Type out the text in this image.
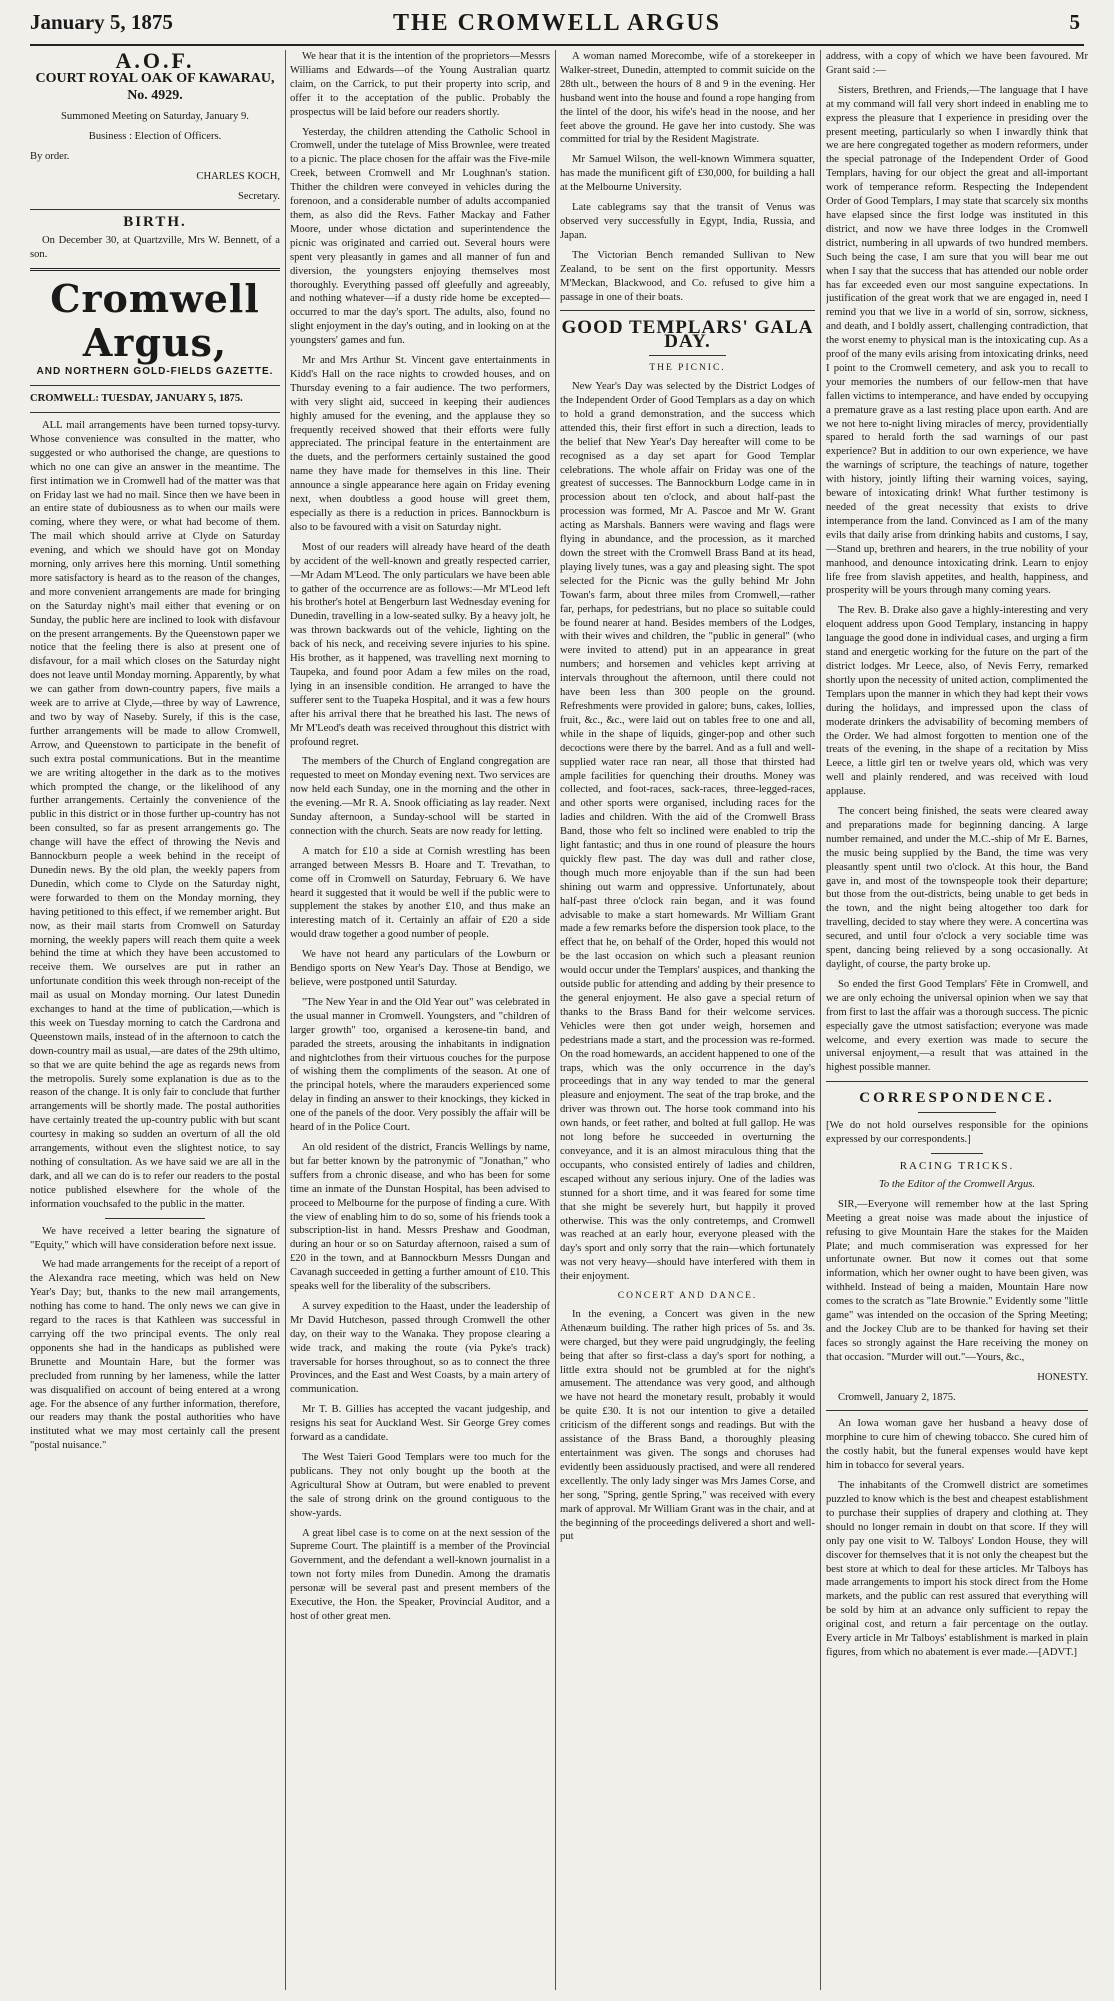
January 5, 1875	THE CROMWELL ARGUS	5
A.O.F.
COURT ROYAL OAK OF KAWARAU, No. 4929.

Summoned Meeting on Saturday, January 9.

Business : Election of Officers.

By order.

CHARLES KOCH,

Secretary.

BIRTH.

On December 30, at Quartzville, Mrs W. Bennett, of a son.

Cromwell Argus,
AND NORTHERN GOLD-FIELDS GAZETTE.

CROMWELL: TUESDAY, JANUARY 5, 1875.

ALL mail arrangements have been turned topsy-turvy. Whose convenience was consulted in the matter, who suggested or who authorised the change, are questions to which no one can give an answer in the meantime. The first intimation we in Cromwell had of the matter was that on Friday last we had no mail. Since then we have been in an entire state of dubiousness as to when our mails were coming, where they were, or what had become of them. The mail which should arrive at Clyde on Saturday evening, and which we should have got on Monday morning, only arrives here this morning. Until something more satisfactory is heard as to the reason of the changes, and more convenient arrangements are made for bringing on the Saturday night's mail either that evening or on Sunday, the public here are inclined to look with disfavour on the present arrangements. By the Queenstown paper we notice that the feeling there is also at present one of disfavour, for a mail which closes on the Saturday night does not leave until Monday morning. Apparently, by what we can gather from down-country papers, five mails a week are to arrive at Clyde,—three by way of Lawrence, and two by way of Naseby. Surely, if this is the case, further arrangements will be made to allow Cromwell, Arrow, and Queenstown to participate in the benefit of such extra postal communications. But in the meantime we are writing altogether in the dark as to the motives which prompted the change, or the likelihood of any further arrangements. Certainly the convenience of the public in this district or in those further up-country has not been consulted, so far as present arrangements go. The change will have the effect of throwing the Nevis and Bannockburn people a week behind in the receipt of Dunedin news. By the old plan, the weekly papers from Dunedin, which come to Clyde on the Saturday night, were forwarded to them on the Monday morning, they having petitioned to this effect, if we remember aright. But now, as their mail starts from Cromwell on Saturday morning, the weekly papers will reach them quite a week behind the time at which they have been accustomed to receive them. We ourselves are put in rather an unfortunate condition this week through non-receipt of the mail as usual on Monday morning. Our latest Dunedin exchanges to hand at the time of publication,—which is this week on Tuesday morning to catch the Cardrona and Queenstown mails, instead of in the afternoon to catch the down-country mail as usual,—are dates of the 29th ultimo, so that we are quite behind the age as regards news from the metropolis. Surely some explanation is due as to the reason of the change. It is only fair to conclude that further arrangements will be shortly made. The postal authorities have certainly treated the up-country public with but scant courtesy in making so sudden an overturn of all the old arrangements, without even the slightest notice, to say nothing of consultation. As we have said we are all in the dark, and all we can do is to refer our readers to the postal notice published elsewhere for the whole of the information vouchsafed to the public in the matter.

We have received a letter bearing the signature of "Equity," which will have consideration before next issue.

We had made arrangements for the receipt of a report of the Alexandra race meeting, which was held on New Year's Day; but, thanks to the new mail arrangements, nothing has come to hand. The only news we can give in regard to the races is that Kathleen was successful in carrying off the two principal events. The only real opponents she had in the handicaps as published were Brunette and Mountain Hare, but the former was precluded from running by her lameness, while the latter was disqualified on account of being entered at a wrong age. For the absence of any further information, therefore, our readers may thank the postal authorities who have instituted what we may most certainly call the present "postal nuisance."

We hear that it is the intention of the proprietors—Messrs Williams and Edwards—of the Young Australian quartz claim, on the Carrick, to put their property into scrip, and offer it to the acceptation of the public. Probably the prospectus will be laid before our readers shortly.

Yesterday, the children attending the Catholic School in Cromwell, under the tutelage of Miss Brownlee, were treated to a picnic. The place chosen for the affair was the Five-mile Creek, between Cromwell and Mr Loughnan's station. Thither the children were conveyed in vehicles during the forenoon, and a considerable number of adults accompanied them, as also did the Revs. Father Mackay and Father Moore, under whose dictation and superintendence the picnic was originated and carried out. Several hours were spent very pleasantly in games and all manner of fun and diversion, the youngsters enjoying themselves most thoroughly. Everything passed off gleefully and agreeably, and nothing whatever—if a dusty ride home be excepted—occurred to mar the day's sport. The adults, also, found no slight enjoyment in the day's outing, and in looking on at the youngsters' games and fun.

Mr and Mrs Arthur St. Vincent gave entertainments in Kidd's Hall on the race nights to crowded houses, and on Thursday evening to a fair audience. The two performers, with very slight aid, succeed in keeping their audiences highly amused for the evening, and the applause they so frequently received showed that their efforts were fully appreciated. The principal feature in the entertainment are the duets, and the performers certainly sustained the good name they have made for themselves in this line. Their announce a single appearance here again on Friday evening next, when doubtless a good house will greet them, especially as there is a reduction in prices. Bannockburn is also to be favoured with a visit on Saturday night.

Most of our readers will already have heard of the death by accident of the well-known and greatly respected carrier,—Mr Adam M'Leod. The only particulars we have been able to gather of the occurrence are as follows:—Mr M'Leod left his brother's hotel at Bengerburn last Wednesday evening for Dunedin, travelling in a low-seated sulky. By a heavy jolt, he was thrown backwards out of the vehicle, lighting on the back of his neck, and receiving severe injuries to his spine. His brother, as it happened, was travelling next morning to Taupeka, and found poor Adam a few miles on the road, lying in an insensible condition. He arranged to have the sufferer sent to the Tuapeka Hospital, and it was a few hours after his arrival there that he breathed his last. The news of Mr M'Leod's death was received throughout this district with profound regret.

The members of the Church of England congregation are requested to meet on Monday evening next. Two services are now held each Sunday, one in the morning and the other in the evening.—Mr R. A. Snook officiating as lay reader. Next Sunday afternoon, a Sunday-school will be started in connection with the church. Seats are now ready for letting.

A match for £10 a side at Cornish wrestling has been arranged between Messrs B. Hoare and T. Trevathan, to come off in Cromwell on Saturday, February 6. We have heard it suggested that it would be well if the public were to supplement the stakes by another £10, and thus make an interesting match of it. Certainly an affair of £20 a side would draw together a good number of people.

We have not heard any particulars of the Lowburn or Bendigo sports on New Year's Day. Those at Bendigo, we believe, were postponed until Saturday.

"The New Year in and the Old Year out" was celebrated in the usual manner in Cromwell. Youngsters, and "children of larger growth" too, organised a kerosene-tin band, and paraded the streets, arousing the inhabitants in indignation and nightclothes from their virtuous couches for the purpose of wishing them the compliments of the season. At one of the principal hotels, where the marauders experienced some delay in finding an answer to their knockings, they kicked in one of the panels of the door. Very possibly the affair will be heard of in the Police Court.

An old resident of the district, Francis Wellings by name, but far better known by the patronymic of "Jonathan," who suffers from a chronic disease, and who has been for some time an inmate of the Dunstan Hospital, has been advised to proceed to Melbourne for the purpose of finding a cure. With the view of enabling him to do so, some of his friends took a subscription-list in hand. Messrs Preshaw and Goodman, during an hour or so on Saturday afternoon, raised a sum of £20 in the town, and at Bannockburn Messrs Dungan and Cavanagh succeeded in getting a further amount of £10. This speaks well for the liberality of the subscribers.

A survey expedition to the Haast, under the leadership of Mr David Hutcheson, passed through Cromwell the other day, on their way to the Wanaka. They propose clearing a wide track, and making the route (via Pyke's track) traversable for horses throughout, so as to connect the three Provinces, and the East and West Coasts, by a main artery of communication.

Mr T. B. Gillies has accepted the vacant judgeship, and resigns his seat for Auckland West. Sir George Grey comes forward as a candidate.

The West Taieri Good Templars were too much for the publicans. They not only bought up the booth at the Agricultural Show at Outram, but were enabled to prevent the sale of strong drink on the ground contiguous to the show-yards.

A great libel case is to come on at the next session of the Supreme Court. The plaintiff is a member of the Provincial Government, and the defendant a well-known journalist in a town not forty miles from Dunedin. Among the dramatis personæ will be several past and present members of the Executive, the Hon. the Speaker, Provincial Auditor, and a host of other great men.

A woman named Morecombe, wife of a storekeeper in Walker-street, Dunedin, attempted to commit suicide on the 28th ult., between the hours of 8 and 9 in the evening. Her husband went into the house and found a rope hanging from the lintel of the door, his wife's head in the noose, and her feet above the ground. He gave her into custody. She was committed for trial by the Resident Magistrate.

Mr Samuel Wilson, the well-known Wimmera squatter, has made the munificent gift of £30,000, for building a hall at the Melbourne University.

Late cablegrams say that the transit of Venus was observed very successfully in Egypt, India, Russia, and Japan.

The Victorian Bench remanded Sullivan to New Zealand, to be sent on the first opportunity. Messrs M'Meckan, Blackwood, and Co. refused to give him a passage in one of their boats.

GOOD TEMPLARS' GALA DAY.

THE PICNIC.

New Year's Day was selected by the District Lodges of the Independent Order of Good Templars as a day on which to hold a grand demonstration, and the success which attended this, their first effort in such a direction, leads to the belief that New Year's Day hereafter will come to be recognised as a day set apart for Good Templar celebrations. The whole affair on Friday was one of the greatest of successes. The Bannockburn Lodge came in in procession about ten o'clock, and about half-past the procession was formed, Mr A. Pascoe and Mr W. Grant acting as Marshals. Banners were waving and flags were flying in abundance, and the procession, as it marched down the street with the Cromwell Brass Band at its head, playing lively tunes, was a gay and pleasing sight. The spot selected for the Picnic was the gully behind Mr John Towan's farm, about three miles from Cromwell,—rather far, perhaps, for pedestrians, but no place so suitable could be found nearer at hand. Besides members of the Lodges, with their wives and children, the "public in general" (who were invited to attend) put in an appearance in great numbers; and horsemen and vehicles kept arriving at intervals throughout the afternoon, until there could not have been less than 300 people on the ground. Refreshments were provided in galore; buns, cakes, lollies, fruit, &c., &c., were laid out on tables free to one and all, while in the shape of liquids, ginger-pop and other such decoctions were there by the barrel. And as a full and well-supplied water race ran near, all those that thirsted had ample facilities for quenching their drouths. Money was collected, and foot-races, sack-races, three-legged-races, and other sports were organised, including races for the ladies and children. With the aid of the Cromwell Brass Band, those who felt so inclined were enabled to trip the light fantastic; and thus in one round of pleasure the hours quickly flew past. The day was dull and rather close, though much more enjoyable than if the sun had been shining out warm and oppressive. Unfortunately, about half-past three o'clock rain began, and it was found advisable to make a start homewards. Mr William Grant made a few remarks before the dispersion took place, to the effect that he, on behalf of the Order, hoped this would not be the last occasion on which such a pleasant reunion would occur under the Templars' auspices, and thanking the outside public for attending and adding by their presence to the general enjoyment. He also gave a special return of thanks to the Brass Band for their welcome services. Vehicles were then got under weigh, horsemen and pedestrians made a start, and the procession was re-formed. On the road homewards, an accident happened to one of the traps, which was the only occurrence in the day's proceedings that in any way tended to mar the general pleasure and enjoyment. The seat of the trap broke, and the driver was thrown out. The horse took command into his own hands, or feet rather, and bolted at full gallop. He was not long before he succeeded in overturning the conveyance, and it is an almost miraculous thing that the occupants, who consisted entirely of ladies and children, escaped without any serious injury. One of the ladies was stunned for a short time, and it was feared for some time that she might be severely hurt, but happily it proved otherwise. This was the only contretemps, and Cromwell was reached at an early hour, everyone pleased with the day's sport and only sorry that the rain—which fortunately was not very heavy—should have interfered with them in their enjoyment.

CONCERT AND DANCE.

In the evening, a Concert was given in the new Athenæum building. The rather high prices of 5s. and 3s. were charged, but they were paid ungrudgingly, the feeling being that after so first-class a day's sport for nothing, a little extra should not be grumbled at for the night's amusement. The attendance was very good, and although we have not heard the monetary result, probably it would be quite £30. It is not our intention to give a detailed criticism of the different songs and readings. But with the assistance of the Brass Band, a thoroughly pleasing entertainment was given. The songs and choruses had evidently been assiduously practised, and were all rendered excellently. The only lady singer was Mrs James Corse, and her song, "Spring, gentle Spring," was received with every mark of approval. Mr William Grant was in the chair, and at the beginning of the proceedings delivered a short and well-put

address, with a copy of which we have been favoured. Mr Grant said :—

Sisters, Brethren, and Friends,—The language that I have at my command will fall very short indeed in enabling me to express the pleasure that I experience in presiding over the present meeting, particularly so when I inwardly think that we are here congregated together as modern reformers, under the special patronage of the Independent Order of Good Templars, having for our object the great and all-important work of temperance reform. Respecting the Independent Order of Good Templars, I may state that scarcely six months have elapsed since the first lodge was instituted in this district, and now we have three lodges in the Cromwell district, numbering in all upwards of two hundred members. Such being the case, I am sure that you will bear me out when I say that the success that has attended our noble order has far exceeded even our most sanguine expectations. In justification of the great work that we are engaged in, need I remind you that we live in a world of sin, sorrow, sickness, and death, and I boldly assert, challenging contradiction, that the worst enemy to physical man is the intoxicating cup. As a proof of the many evils arising from intoxicating drinks, need I point to the Cromwell cemetery, and ask you to recall to your memories the numbers of our fellow-men that have fallen victims to intemperance, and have ended by occupying a premature grave as a last resting place upon earth. And are we not here to-night living miracles of mercy, providentially spared to herald forth the sad warnings of our past experience? But in addition to our own experience, we have the warnings of scripture, the teachings of nature, together with history, jointly lifting their warning voices, saying, beware of intoxicating drink! What further testimony is needed of the great necessity that exists to drive intemperance from the land. Convinced as I am of the many evils that daily arise from drinking habits and customs, I say,—Stand up, brethren and hearers, in the true nobility of your manhood, and denounce intoxicating drink. Learn to enjoy life free from slavish appetites, and health, happiness, and prosperity will be yours through many coming years.

The Rev. B. Drake also gave a highly-interesting and very eloquent address upon Good Templary, instancing in happy language the good done in individual cases, and urging a firm stand and energetic working for the future on the part of the district lodges. Mr Leece, also, of Nevis Ferry, remarked shortly upon the necessity of united action, complimented the Templars upon the manner in which they had kept their vows during the holidays, and impressed upon the class of moderate drinkers the advisability of becoming members of the Order. We had almost forgotten to mention one of the treats of the evening, in the shape of a recitation by Miss Leece, a little girl ten or twelve years old, which was very well and plainly rendered, and was received with loud applause.

The concert being finished, the seats were cleared away and preparations made for beginning dancing. A large number remained, and under the M.C.-ship of Mr E. Barnes, the music being supplied by the Band, the time was very pleasantly spent until two o'clock. At this hour, the Band gave in, and most of the townspeople took their departure; but those from the out-districts, being unable to get beds in the town, and the night being altogether too dark for travelling, decided to stay where they were. A concertina was secured, and until four o'clock a very sociable time was spent, dancing being relieved by a song occasionally. At daylight, of course, the party broke up.

So ended the first Good Templars' Fête in Cromwell, and we are only echoing the universal opinion when we say that from first to last the affair was a thorough success. The picnic especially gave the utmost satisfaction; everyone was made welcome, and every exertion was made to secure the universal enjoyment,—a result that was attained in the highest possible manner.

CORRESPONDENCE.

[We do not hold ourselves responsible for the opinions expressed by our correspondents.]

RACING TRICKS.

To the Editor of the Cromwell Argus.

SIR,—Everyone will remember how at the last Spring Meeting a great noise was made about the injustice of refusing to give Mountain Hare the stakes for the Maiden Plate; and much commiseration was expressed for her unfortunate owner. But now it comes out that some information, which her owner ought to have been given, was withheld. Instead of being a maiden, Mountain Hare now comes to the scratch as "late Brownie." Evidently some "little game" was intended on the occasion of the Spring Meeting; and the Jockey Club are to be thanked for having set their faces so strongly against the Hare receiving the money on that occasion. "Murder will out."—Yours, &c.,

HONESTY.

Cromwell, January 2, 1875.

An Iowa woman gave her husband a heavy dose of morphine to cure him of chewing tobacco. She cured him of the costly habit, but the funeral expenses would have kept him in tobacco for several years.

The inhabitants of the Cromwell district are sometimes puzzled to know which is the best and cheapest establishment to purchase their supplies of drapery and clothing at. They should no longer remain in doubt on that score. If they will only pay one visit to W. Talboys' London House, they will discover for themselves that it is not only the cheapest but the best store at which to deal for these articles. Mr Talboys has made arrangements to import his stock direct from the Home markets, and the public can rest assured that everything will be sold by him at an advance only sufficient to repay the original cost, and return a fair percentage on the outlay. Every article in Mr Talboys' establishment is marked in plain figures, from which no abatement is ever made.—[ADVT.]
